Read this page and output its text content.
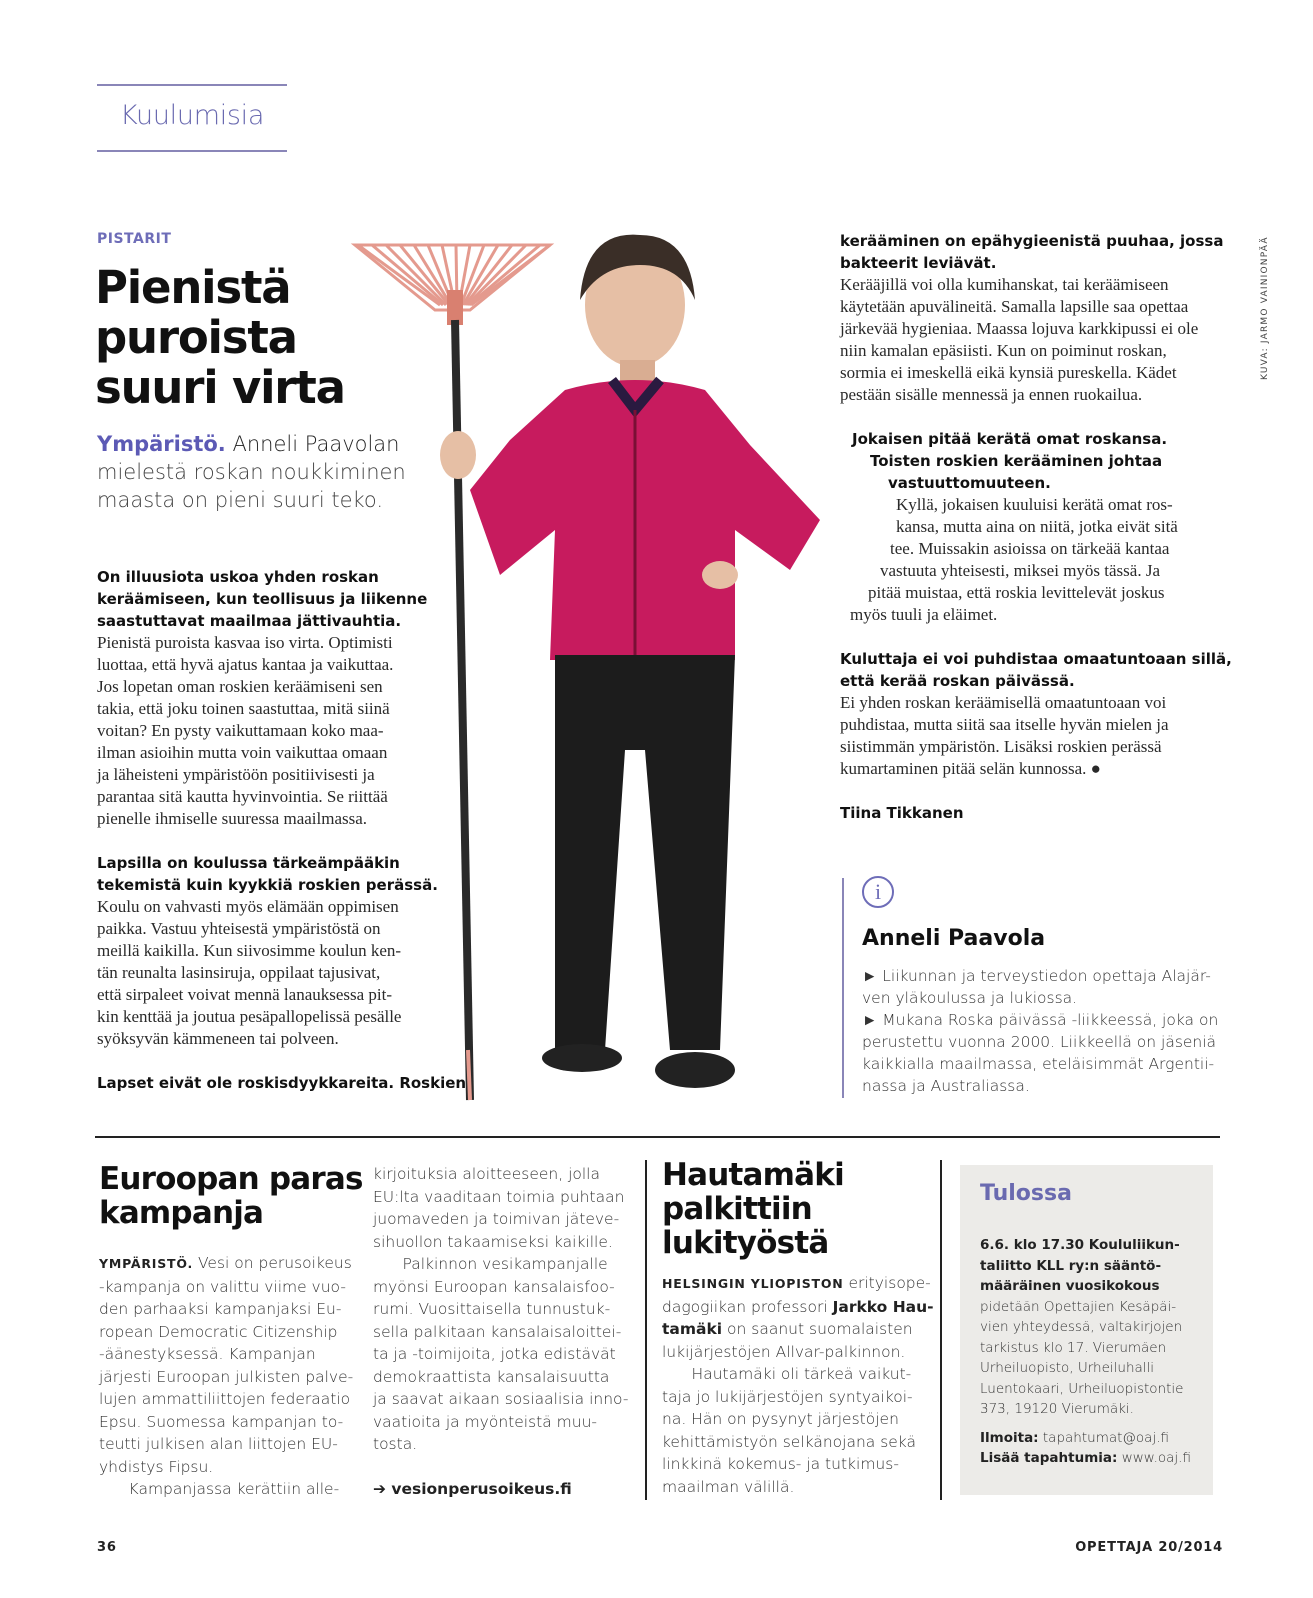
Kuulumisia
PISTARIT
Pienistä
puroista
suuri virta
Ympäristö. Anneli Paavolan
mielestä roskan noukkiminen
maasta on pieni suuri teko.
On illuusiota uskoa yhden roskan
keräämiseen, kun teollisuus ja liikenne
saastuttavat maailmaa jättivauhtia.
Pienistä puroista kasvaa iso virta. Optimisti
luottaa, että hyvä ajatus kantaa ja vaikuttaa.
Jos lopetan oman roskien keräämiseni sen
takia, että joku toinen saastuttaa, mitä siinä
voitan? En pysty vaikuttamaan koko maa-
ilman asioihin mutta voin vaikuttaa omaan
ja läheisteni ympäristöön positiivisesti ja
parantaa sitä kautta hyvinvointia. Se riittää
pienelle ihmiselle suuressa maailmassa.
Lapsilla on koulussa tärkeämpääkin
tekemistä kuin kyykkiä roskien perässä.
Koulu on vahvasti myös elämään oppimisen
paikka. Vastuu yhteisestä ympäristöstä on
meillä kaikilla. Kun siivosimme koulun ken-
tän reunalta lasinsiruja, oppilaat tajusivat,
että sirpaleet voivat mennä lanauksessa pit-
kin kenttää ja joutua pesäpallopelissä pesälle
syöksyvän kämmeneen tai polveen.
Lapset eivät ole roskisdyykkareita. Roskien
kerääminen on epähygieenistä puuhaa, jossa
bakteerit leviävät.
Kerääjillä voi olla kumihanskat, tai keräämiseen
käytetään apuvälineitä. Samalla lapsille saa opettaa
järkevää hygieniaa. Maassa lojuva karkkipussi ei ole
niin kamalan epäsiisti. Kun on poiminut roskan,
sormia ei imeskellä eikä kynsiä pureskella. Kädet
pestään sisälle mennessä ja ennen ruokailua.
Jokaisen pitää kerätä omat roskansa.
Toisten roskien kerääminen johtaa
vastuuttomuuteen.
Kyllä, jokaisen kuuluisi kerätä omat ros-
kansa, mutta aina on niitä, jotka eivät sitä
tee. Muissakin asioissa on tärkeää kantaa
vastuuta yhteisesti, miksei myös tässä. Ja
pitää muistaa, että roskia levittelevät joskus
myös tuuli ja eläimet.
Kuluttaja ei voi puhdistaa omaatuntoaan sillä,
että kerää roskan päivässä.
Ei yhden roskan keräämisellä omaatuntoaan voi
puhdistaa, mutta siitä saa itselle hyvän mielen ja
siistimmän ympäristön. Lisäksi roskien perässä
kumartaminen pitää selän kunnossa. ●
Tiina Tikkanen
KUVA: JARMO VAINIONPÄÄ
i
Anneli Paavola
► Liikunnan ja terveystiedon opettaja Alajär-
ven yläkoulussa ja lukiossa.
► Mukana Roska päivässä -liikkeessä, joka on
perustettu vuonna 2000. Liikkeellä on jäseniä
kaikkialla maailmassa, eteläisimmät Argentii-
nassa ja Australiassa.
Euroopan paras
kampanja
YMPÄRISTÖ. Vesi on perusoikeus
-kampanja on valittu viime vuo-
den parhaaksi kampanjaksi Eu-
ropean Democratic Citizenship
-äänestyksessä. Kampanjan
järjesti Euroopan julkisten palve-
lujen ammattiliittojen federaatio
Epsu. Suomessa kampanjan to-
teutti julkisen alan liittojen EU-
yhdistys Fipsu.
Kampanjassa kerättiin alle-
kirjoituksia aloitteeseen, jolla
EU:lta vaaditaan toimia puhtaan
juomaveden ja toimivan jäteve-
sihuollon takaamiseksi kaikille.
Palkinnon vesikampanjalle
myönsi Euroopan kansalaisfoo-
rumi. Vuosittaisella tunnustuk-
sella palkitaan kansalaisaloittei-
ta ja -toimijoita, jotka edistävät
demokraattista kansalaisuutta
ja saavat aikaan sosiaalisia inno-
vaatioita ja myönteistä muu-
tosta.
➔ vesionperusoikeus.fi
Hautamäki
palkittiin
lukityöstä
HELSINGIN YLIOPISTON erityisope-
dagogiikan professori Jarkko Hau-
tamäki on saanut suomalaisten
lukijärjestöjen Allvar-palkinnon.
Hautamäki oli tärkeä vaikut-
taja jo lukijärjestöjen syntyaikoi-
na. Hän on pysynyt järjestöjen
kehittämistyön selkänojana sekä
linkkinä kokemus- ja tutkimus-
maailman välillä.
Tulossa
6.6. klo 17.30 Koululiikun-
taliitto KLL ry:n sääntö-
määräinen vuosikokous
pidetään Opettajien Kesäpäi-
vien yhteydessä, valtakirjojen
tarkistus klo 17. Vierumäen
Urheiluopisto, Urheiluhalli
Luentokaari, Urheiluopistontie
373, 19120 Vierumäki.
Ilmoita: tapahtumat@oaj.fi
Lisää tapahtumia: www.oaj.fi
36	OPETTAJA 20/2014
